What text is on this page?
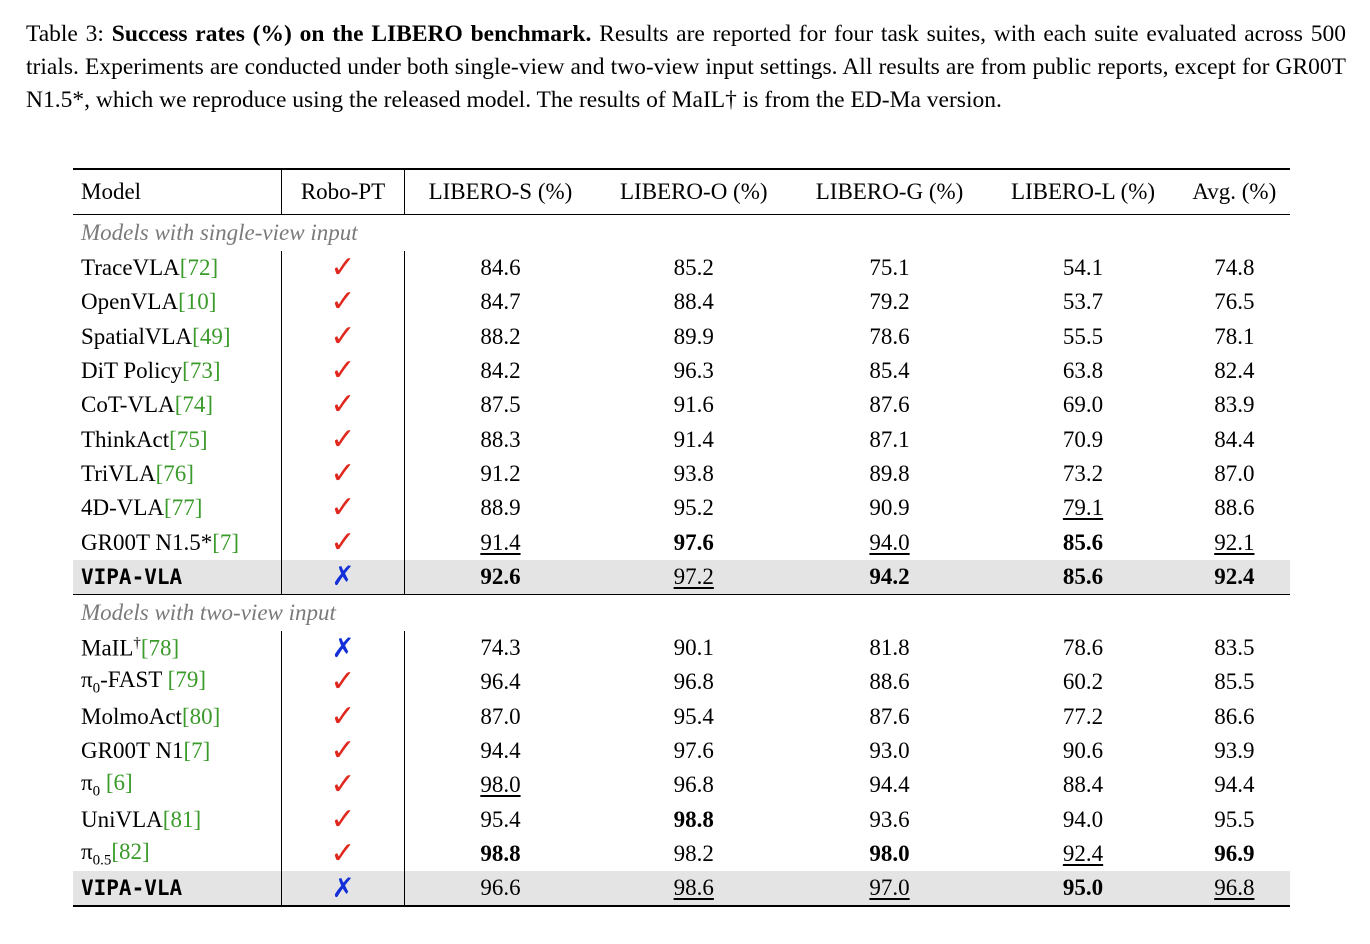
Table 3: Success rates (%) on the LIBERO benchmark. Results are reported for four task suites, with each suite evaluated across 500 trials. Experiments are conducted under both single-view and two-view input settings. All results are from public reports, except for GR00T N1.5*, which we reproduce using the released model. The results of MaIL† is from the ED-Ma version.
Model	Robo-PT	LIBERO-S (%)	LIBERO-O (%)	LIBERO-G (%)	LIBERO-L (%)	Avg. (%)
Models with single-view input						
TraceVLA[72]	✓	84.6	85.2	75.1	54.1	74.8
OpenVLA[10]	✓	84.7	88.4	79.2	53.7	76.5
SpatialVLA[49]	✓	88.2	89.9	78.6	55.5	78.1
DiT Policy[73]	✓	84.2	96.3	85.4	63.8	82.4
CoT-VLA[74]	✓	87.5	91.6	87.6	69.0	83.9
ThinkAct[75]	✓	88.3	91.4	87.1	70.9	84.4
TriVLA[76]	✓	91.2	93.8	89.8	73.2	87.0
4D-VLA[77]	✓	88.9	95.2	90.9	79.1	88.6
GR00T N1.5*[7]	✓	91.4	97.6	94.0	85.6	92.1
VIPA-VLA	✗	92.6	97.2	94.2	85.6	92.4
Models with two-view input						
MaIL†[78]	✗	74.3	90.1	81.8	78.6	83.5
$\pi_0$-FAST [79]	✓	96.4	96.8	88.6	60.2	85.5
MolmoAct[80]	✓	87.0	95.4	87.6	77.2	86.6
GR00T N1[7]	✓	94.4	97.6	93.0	90.6	93.9
$\pi_0$ [6]	✓	98.0	96.8	94.4	88.4	94.4
UniVLA[81]	✓	95.4	98.8	93.6	94.0	95.5
$\pi_{0.5}[82]$	✓	98.8	98.2	98.0	92.4	96.9
VIPA-VLA	✗	96.6	98.6	97.0	95.0	96.8
